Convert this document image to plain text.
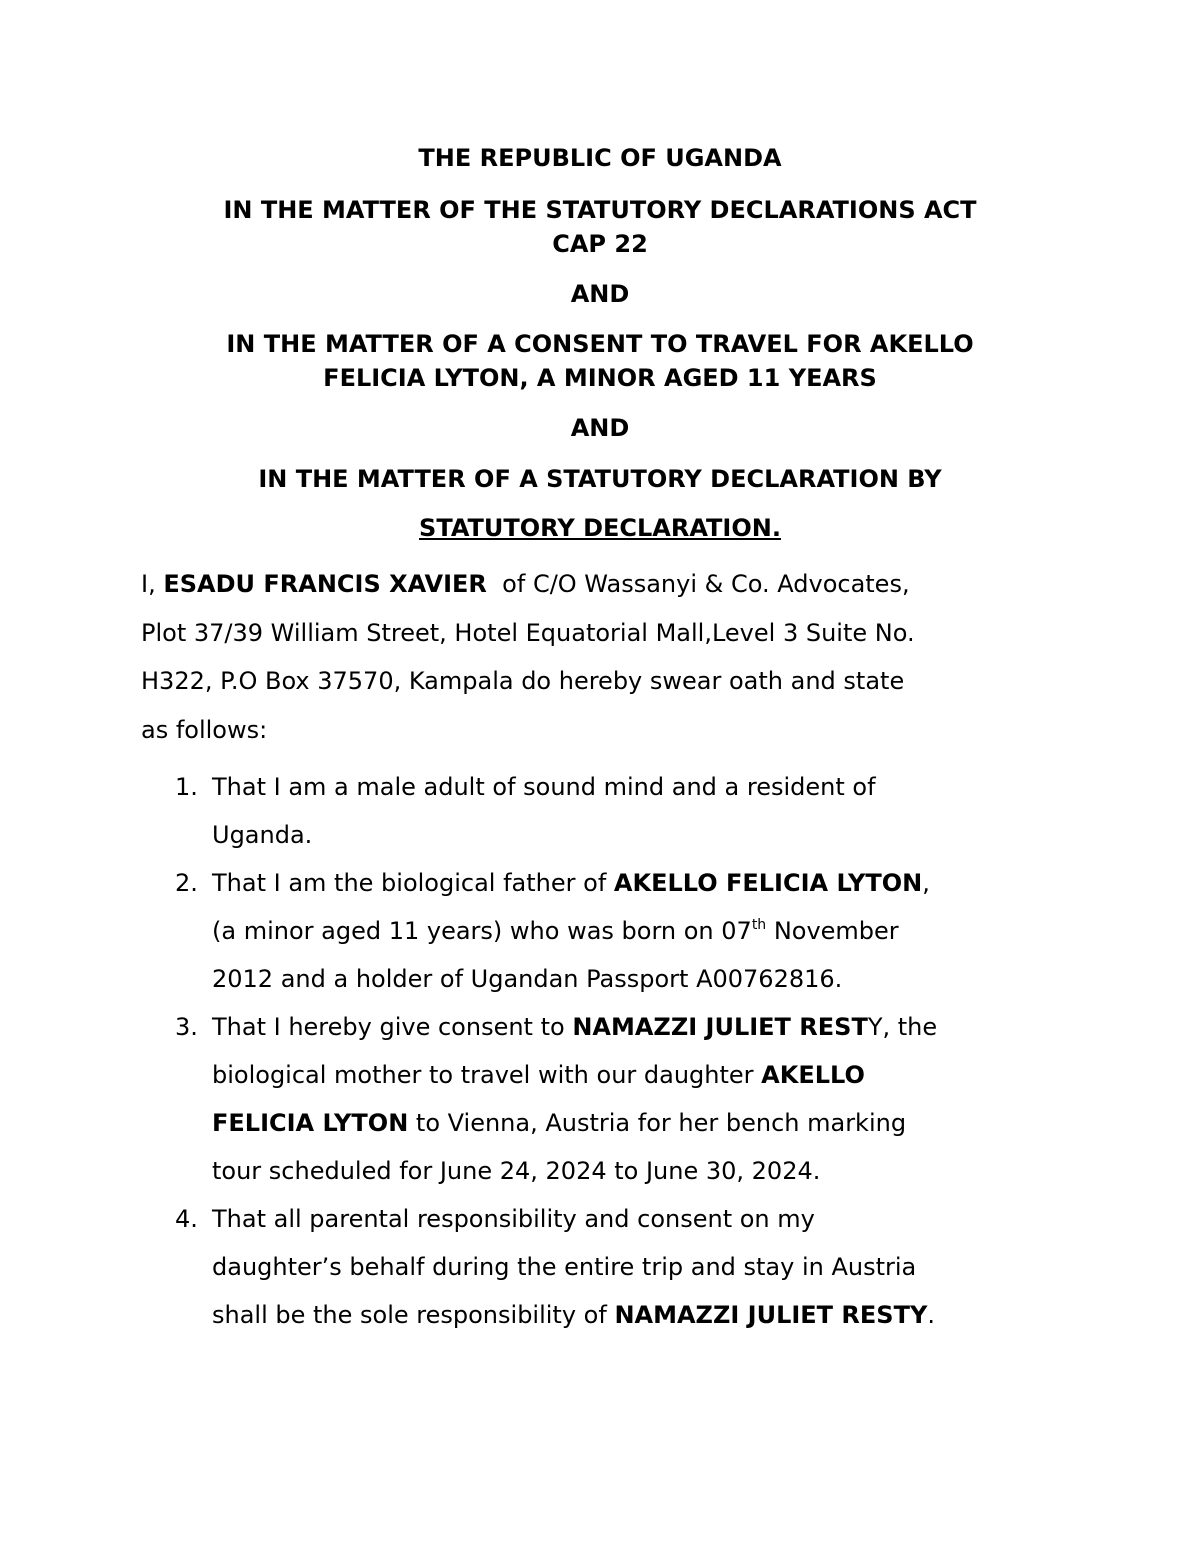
THE REPUBLIC OF UGANDA

IN THE MATTER OF THE STATUTORY DECLARATIONS ACT
CAP 22

AND

IN THE MATTER OF A CONSENT TO TRAVEL FOR AKELLO
FELICIA LYTON, A MINOR AGED 11 YEARS

AND

IN THE MATTER OF A STATUTORY DECLARATION BY

STATUTORY DECLARATION.

I, ESADU FRANCIS XAVIER  of C/O Wassanyi & Co. Advocates,
Plot 37/39 William Street, Hotel Equatorial Mall,Level 3 Suite No.
H322, P.O Box 37570, Kampala do hereby swear oath and state
as follows:

1. That I am a male adult of sound mind and a resident of
Uganda.
2. That I am the biological father of AKELLO FELICIA LYTON,
(a minor aged 11 years) who was born on 07th November
2012 and a holder of Ugandan Passport A00762816.
3. That I hereby give consent to NAMAZZI JULIET RESTY, the
biological mother to travel with our daughter AKELLO
FELICIA LYTON to Vienna, Austria for her bench marking
tour scheduled for June 24, 2024 to June 30, 2024.
4. That all parental responsibility and consent on my
daughter’s behalf during the entire trip and stay in Austria
shall be the sole responsibility of NAMAZZI JULIET RESTY.
